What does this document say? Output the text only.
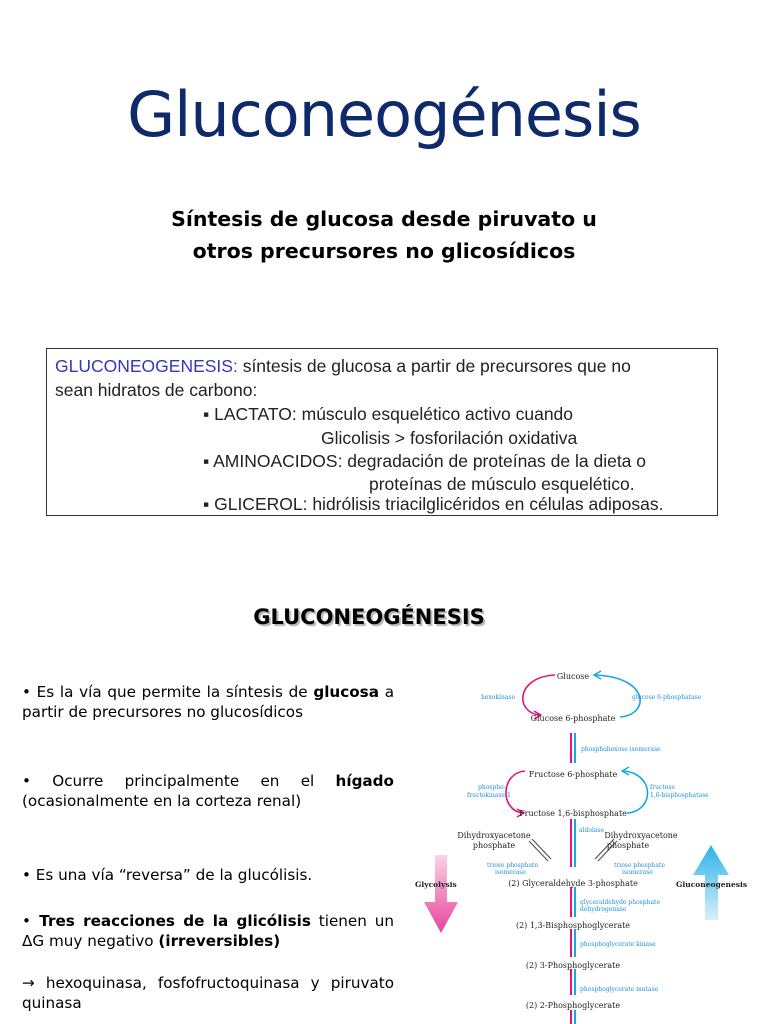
Gluconeogénesis
Síntesis de glucosa desde piruvato u
otros precursores no glicosídicos
GLUCONEOGENESIS: síntesis de glucosa a partir de precursores que no
sean hidratos de carbono:
▪ LACTATO: músculo esquelético activo cuando
Glicolisis > fosforilación oxidativa
▪ AMINOACIDOS: degradación de proteínas de la dieta o
proteínas de músculo esquelético.
▪ GLICEROL: hidrólisis triacilglicéridos en células adiposas.
GLUCONEOGÉNESIS
• Es la vía que permite la síntesis de glucosa a partir de precursores no glucosídicos
• Ocurre principalmente en el hígado (ocasionalmente en la corteza renal)
• Es una vía “reversa” de la glucólisis.
• Tres reacciones de la glicólisis tienen un ΔG muy negativo (irreversibles)
→ hexoquinasa, fosfofructoquinasa y piruvato quinasa
Glucose
Glucose 6-phosphate
Fructose 6-phosphate
Fructose 1,6-bisphosphate
Dihydroxyacetone
phosphate
Dihydroxyacetone
phosphate
(2) Glyceraldehyde 3-phosphate
(2) 1,3-Bisphosphoglycerate
(2) 3-Phosphoglycerate
(2) 2-Phosphoglycerate
Glycolysis	Gluconeogenesis
hexokinase	glucose 6-phosphatase
phosphohexose isomerase
phospho-
fructokinase-1
fructose
1,6-bisphosphatase
aldolase
triose phosphate
isomerase
triose phosphate
isomerase
glyceraldehyde phosphate
dehydrogenase
phosphoglycerate kinase
phosphoglycerate mutase
